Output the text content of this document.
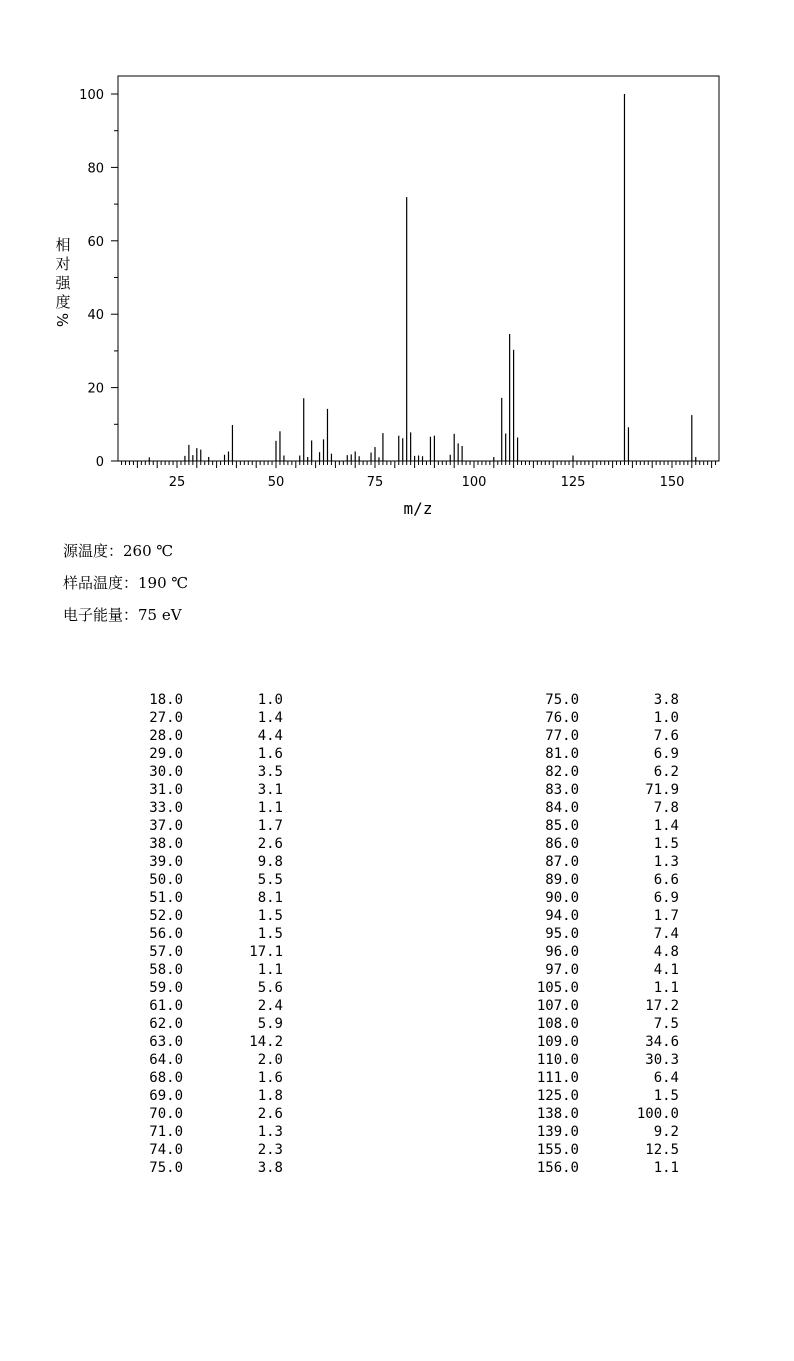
25	50	75	100	125	150
0
20
40
60
80
100
m/z
相
对
强
度
%
源温度：260 ℃
样品温度：190 ℃
电子能量：75 eV
18.0	1.0
27.0	1.4
28.0	4.4
29.0	1.6
30.0	3.5
31.0	3.1
33.0	1.1
37.0	1.7
38.0	2.6
39.0	9.8
50.0	5.5
51.0	8.1
52.0	1.5
56.0	1.5
57.0	17.1
58.0	1.1
59.0	5.6
61.0	2.4
62.0	5.9
63.0	14.2
64.0	2.0
68.0	1.6
69.0	1.8
70.0	2.6
71.0	1.3
74.0	2.3
75.0	3.8
75.0	3.8
76.0	1.0
77.0	7.6
81.0	6.9
82.0	6.2
83.0	71.9
84.0	7.8
85.0	1.4
86.0	1.5
87.0	1.3
89.0	6.6
90.0	6.9
94.0	1.7
95.0	7.4
96.0	4.8
97.0	4.1
105.0	1.1
107.0	17.2
108.0	7.5
109.0	34.6
110.0	30.3
111.0	6.4
125.0	1.5
138.0	100.0
139.0	9.2
155.0	12.5
156.0	1.1
